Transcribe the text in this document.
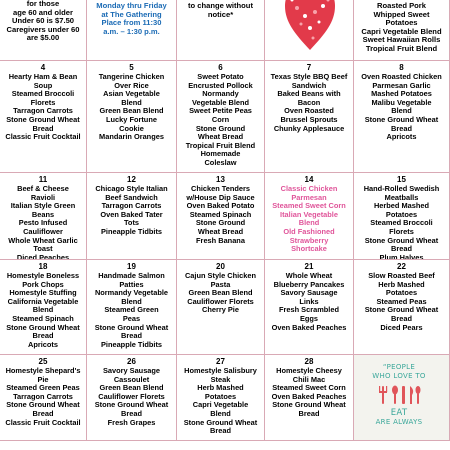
for those
age 60 and older
Under 60 is $7.50
Caregivers under 60
are $5.00
Monday thru Friday
at The Gathering
Place from 11:30
a.m. – 1:30 p.m.
to change without
notice*
Roasted Pork
Whipped Sweet
Potatoes
Capri Vegetable Blend
Sweet Hawaiian Rolls
Tropical Fruit Blend
4
Hearty Ham & Bean
Soup
Steamed Broccoli
Florets
Tarragon Carrots
Stone Ground Wheat
Bread
Classic Fruit Cocktail
5
Tangerine Chicken
Over Rice
Asian Vegetable
Blend
Green Bean Blend
Lucky Fortune
Cookie
Mandarin Oranges
6
Sweet Potato
Encrusted Pollock
Normandy
Vegetable Blend
Sweet Petite Peas
Corn
Stone Ground
Wheat Bread
Tropical Fruit Blend
Homemade
Coleslaw
7
Texas Style BBQ Beef
Sandwich
Baked Beans with
Bacon
Oven Roasted
Brussel Sprouts
Chunky Applesauce
8
Oven Roasted Chicken
Parmesan Garlic
Mashed Potatoes
Malibu Vegetable
Blend
Stone Ground Wheat
Bread
Apricots
11
Beef & Cheese
Ravioli
Italian Style Green
Beans
Pesto Infused
Cauliflower
Whole Wheat Garlic
Toast
Diced Peaches
12
Chicago Style Italian
Beef Sandwich
Tarragon Carrots
Oven Baked Tater
Tots
Pineapple Tidbits
13
Chicken Tenders
w/House Dip Sauce
Oven Baked Potato
Steamed Spinach
Stone Ground
Wheat Bread
Fresh Banana
14
Classic Chicken
Parmesan
Steamed Sweet Corn
Italian Vegetable
Blend
Old Fashioned
Strawberry
Shortcake
15
Hand-Rolled Swedish
Meatballs
Herbed Mashed
Potatoes
Steamed Broccoli
Florets
Stone Ground Wheat
Bread
Plum Halves
18
Homestyle Boneless
Pork Chops
Homestyle Stuffing
California Vegetable
Blend
Steamed Spinach
Stone Ground Wheat
Bread
Apricots
19
Handmade Salmon
Patties
Normandy Vegetable
Blend
Steamed Green
Peas
Stone Ground Wheat
Bread
Pineapple Tidbits
20
Cajun Style Chicken
Pasta
Green Bean Blend
Cauliflower Florets
Cherry Pie
21
Whole Wheat
Blueberry Pancakes
Savory Sausage
Links
Fresh Scrambled
Eggs
Oven Baked Peaches
22
Slow Roasted Beef
Herb Mashed
Potatoes
Steamed Peas
Stone Ground Wheat
Bread
Diced Pears
25
Homestyle Shepard's
Pie
Steamed Green Peas
Tarragon Carrots
Stone Ground Wheat
Bread
Classic Fruit Cocktail
26
Savory Sausage
Cassoulet
Green Bean Blend
Cauliflower Florets
Stone Ground Wheat
Bread
Fresh Grapes
27
Homestyle Salisbury
Steak
Herb Mashed
Potatoes
Capri Vegetable
Blend
Stone Ground Wheat
Bread
28
Homestyle Cheesy
Chili Mac
Steamed Sweet Corn
Oven Baked Peaches
Stone Ground Wheat
Bread
“PEOPLE
WHO LOVE TO
EAT
ARE ALWAYS
